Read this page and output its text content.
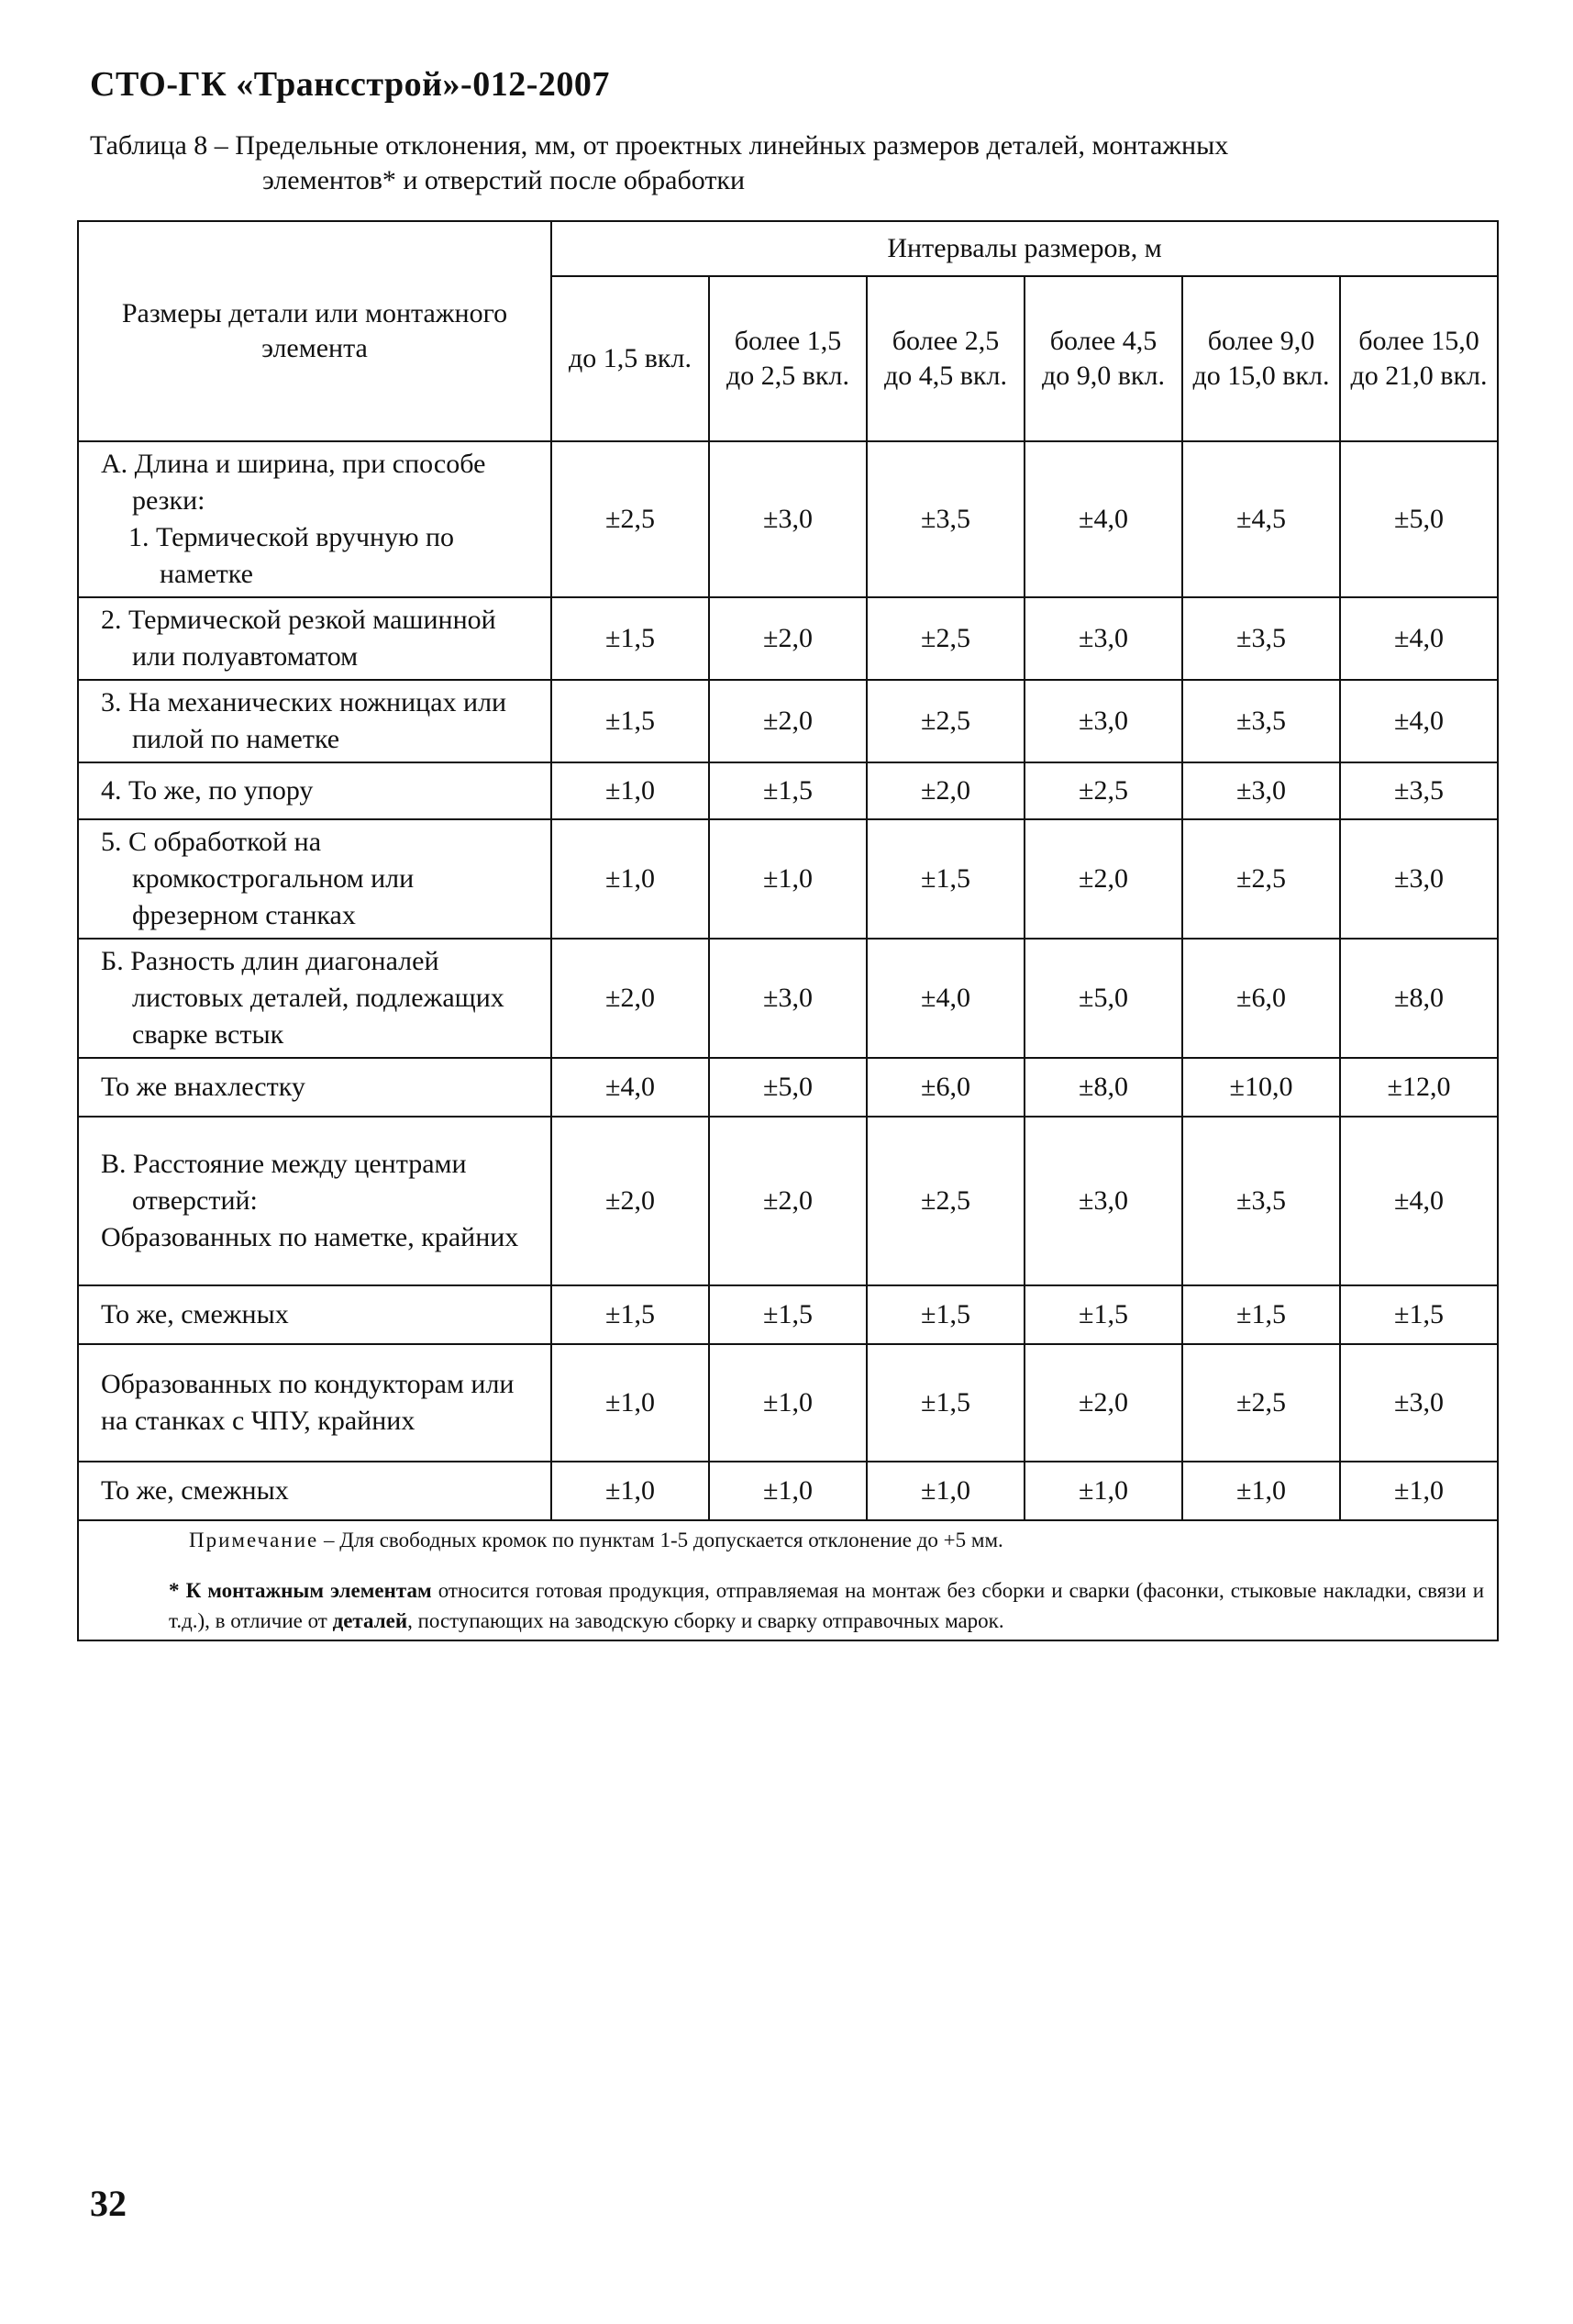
СТО-ГК «Трансстрой»-012-2007
Таблица 8 – Предельные отклонения, мм, от проектных линейных размеров деталей, монтажных
элементов* и отверстий после обработки
Размеры детали или монтажного элемента	Интервалы размеров, м					
	до 1,5 вкл.	более 1,5 до 2,5 вкл.	более 2,5 до 4,5 вкл.	более 4,5 до 9,0 вкл.	более 9,0 до 15,0 вкл.	более 15,0 до 21,0 вкл.

А. Длина и ширина, при способе резки:
1. Термической вручную по наметке	±2,5	±3,0	±3,5	±4,0	±4,5	±5,0

2. Термической резкой машинной или полуавтоматом	±1,5	±2,0	±2,5	±3,0	±3,5	±4,0

3. На механических ножницах или пилой по наметке	±1,5	±2,0	±2,5	±3,0	±3,5	±4,0

4. То же, по упору	±1,0	±1,5	±2,0	±2,5	±3,0	±3,5

5. С обработкой на кромкострогальном или фрезерном станках	±1,0	±1,0	±1,5	±2,0	±2,5	±3,0

Б. Разность длин диагоналей листовых деталей, подлежащих сварке встык	±2,0	±3,0	±4,0	±5,0	±6,0	±8,0

То же внахлестку	±4,0	±5,0	±6,0	±8,0	±10,0	±12,0

В. Расстояние между центрами отверстий:
Образованных по наметке, крайних	±2,0	±2,0	±2,5	±3,0	±3,5	±4,0

То же, смежных	±1,5	±1,5	±1,5	±1,5	±1,5	±1,5

Образованных по кондукторам или на станках с ЧПУ, крайних	±1,0	±1,0	±1,5	±2,0	±2,5	±3,0

То же, смежных	±1,0	±1,0	±1,0	±1,0	±1,0	±1,0

Примечание – Для свободных кромок по пунктам 1-5 допускается отклонение до +5 мм.
* К монтажным элементам относится готовая продукция, отправляемая на монтаж без сборки и сварки (фасонки, стыковые накладки, связи и т.д.), в отличие от деталей, поступающих на заводскую сборку и сварку отправочных марок.						
32
